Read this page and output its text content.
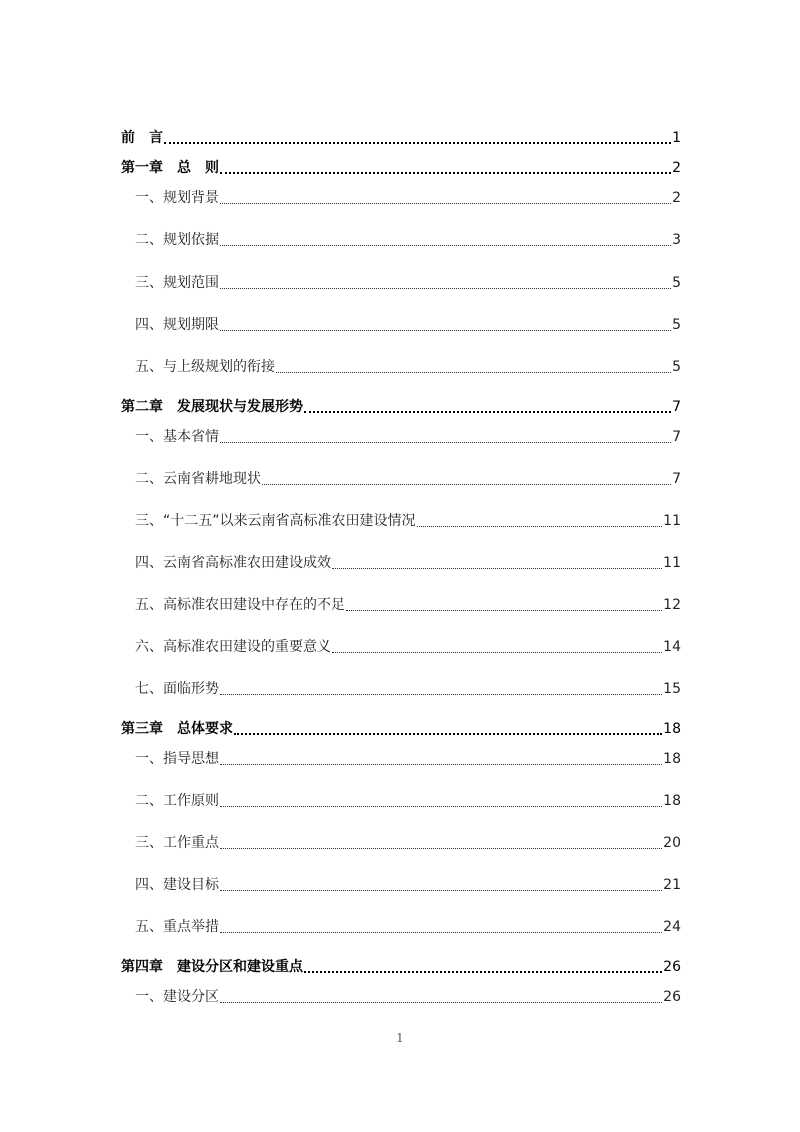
前　言	1
第一章　总　则	2
一、规划背景	2
二、规划依据	3
三、规划范围	5
四、规划期限	5
五、与上级规划的衔接	5
第二章　发展现状与发展形势	7
一、基本省情	7
二、云南省耕地现状	7
三、“十二五”以来云南省高标准农田建设情况	11
四、云南省高标准农田建设成效	11
五、高标准农田建设中存在的不足	12
六、高标准农田建设的重要意义	14
七、面临形势	15
第三章　总体要求	18
一、指导思想	18
二、工作原则	18
三、工作重点	20
四、建设目标	21
五、重点举措	24
第四章　建设分区和建设重点	26
一、建设分区	26
1
